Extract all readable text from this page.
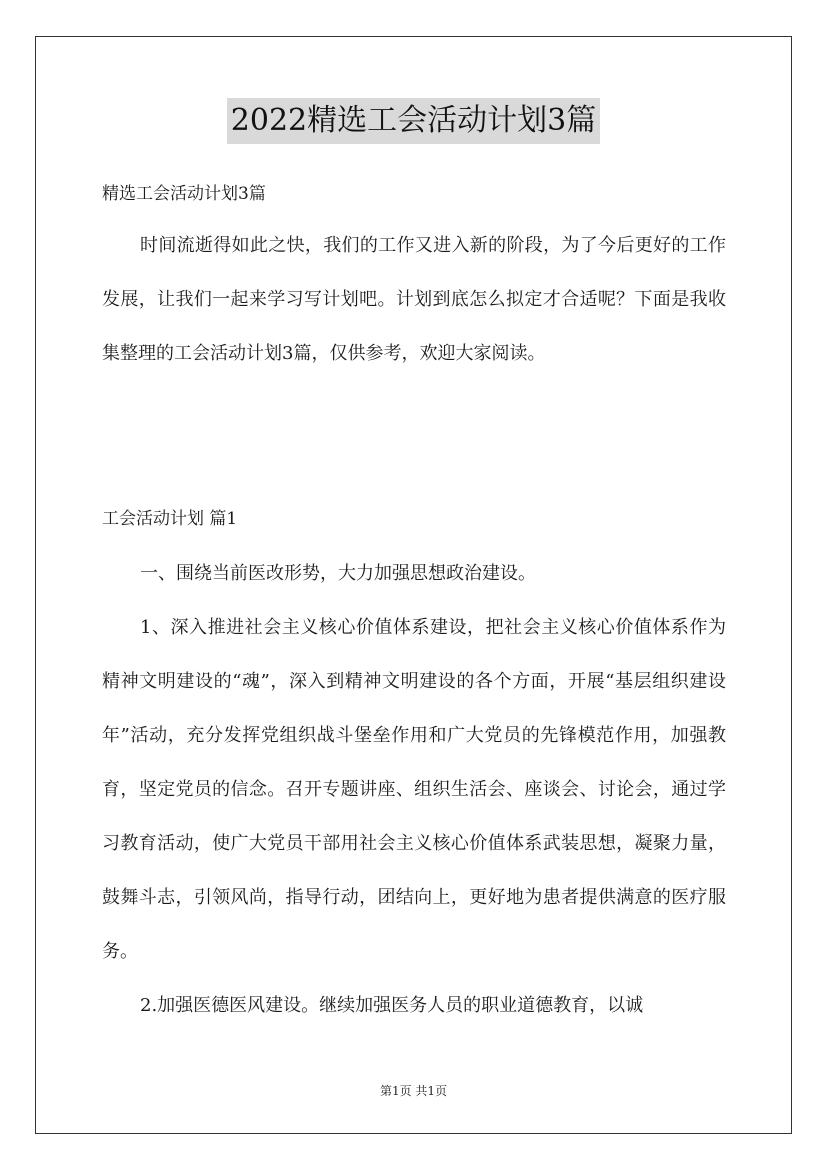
2022精选工会活动计划3篇
精选工会活动计划3篇

时间流逝得如此之快，我们的工作又进入新的阶段，为了今后更好的工作发展，让我们一起来学习写计划吧。计划到底怎么拟定才合适呢？下面是我收集整理的工会活动计划3篇，仅供参考，欢迎大家阅读。

工会活动计划 篇1

一、围绕当前医改形势，大力加强思想政治建设。

1、深入推进社会主义核心价值体系建设，把社会主义核心价值体系作为精神文明建设的“魂”，深入到精神文明建设的各个方面，开展“基层组织建设年”活动，充分发挥党组织战斗堡垒作用和广大党员的先锋模范作用，加强教育，坚定党员的信念。召开专题讲座、组织生活会、座谈会、讨论会，通过学习教育活动，使广大党员干部用社会主义核心价值体系武装思想，凝聚力量，鼓舞斗志，引领风尚，指导行动，团结向上，更好地为患者提供满意的医疗服务。

2.加强医德医风建设。继续加强医务人员的职业道德教育，以诚

第1页 共1页
